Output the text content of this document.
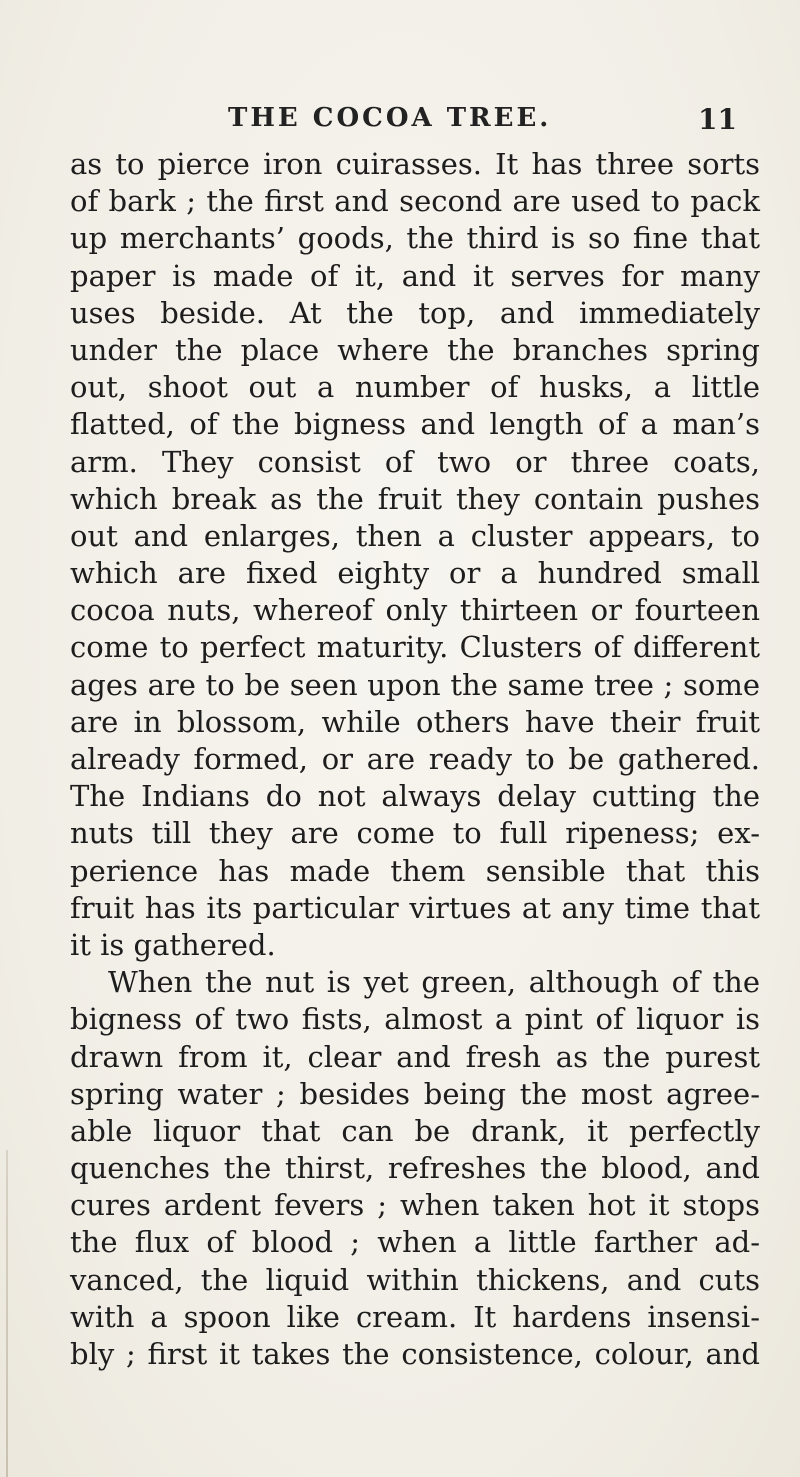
THE COCOA TREE.	11
as to pierce iron cuirasses. It has three sorts
of bark ; the first and second are used to pack
up merchants’ goods, the third is so fine that
paper is made of it, and it serves for many
uses beside. At the top, and immediately
under the place where the branches spring
out, shoot out a number of husks, a little
flatted, of the bigness and length of a man’s
arm. They consist of two or three coats,
which break as the fruit they contain pushes
out and enlarges, then a cluster appears, to
which are fixed eighty or a hundred small
cocoa nuts, whereof only thirteen or fourteen
come to perfect maturity. Clusters of different
ages are to be seen upon the same tree ; some
are in blossom, while others have their fruit
already formed, or are ready to be gathered.
The Indians do not always delay cutting the
nuts till they are come to full ripeness; ex-
perience has made them sensible that this
fruit has its particular virtues at any time that
it is gathered.
When the nut is yet green, although of the
bigness of two fists, almost a pint of liquor is
drawn from it, clear and fresh as the purest
spring water ; besides being the most agree-
able liquor that can be drank, it perfectly
quenches the thirst, refreshes the blood, and
cures ardent fevers ; when taken hot it stops
the flux of blood ; when a little farther ad-
vanced, the liquid within thickens, and cuts
with a spoon like cream. It hardens insensi-
bly ; first it takes the consistence, colour, and
